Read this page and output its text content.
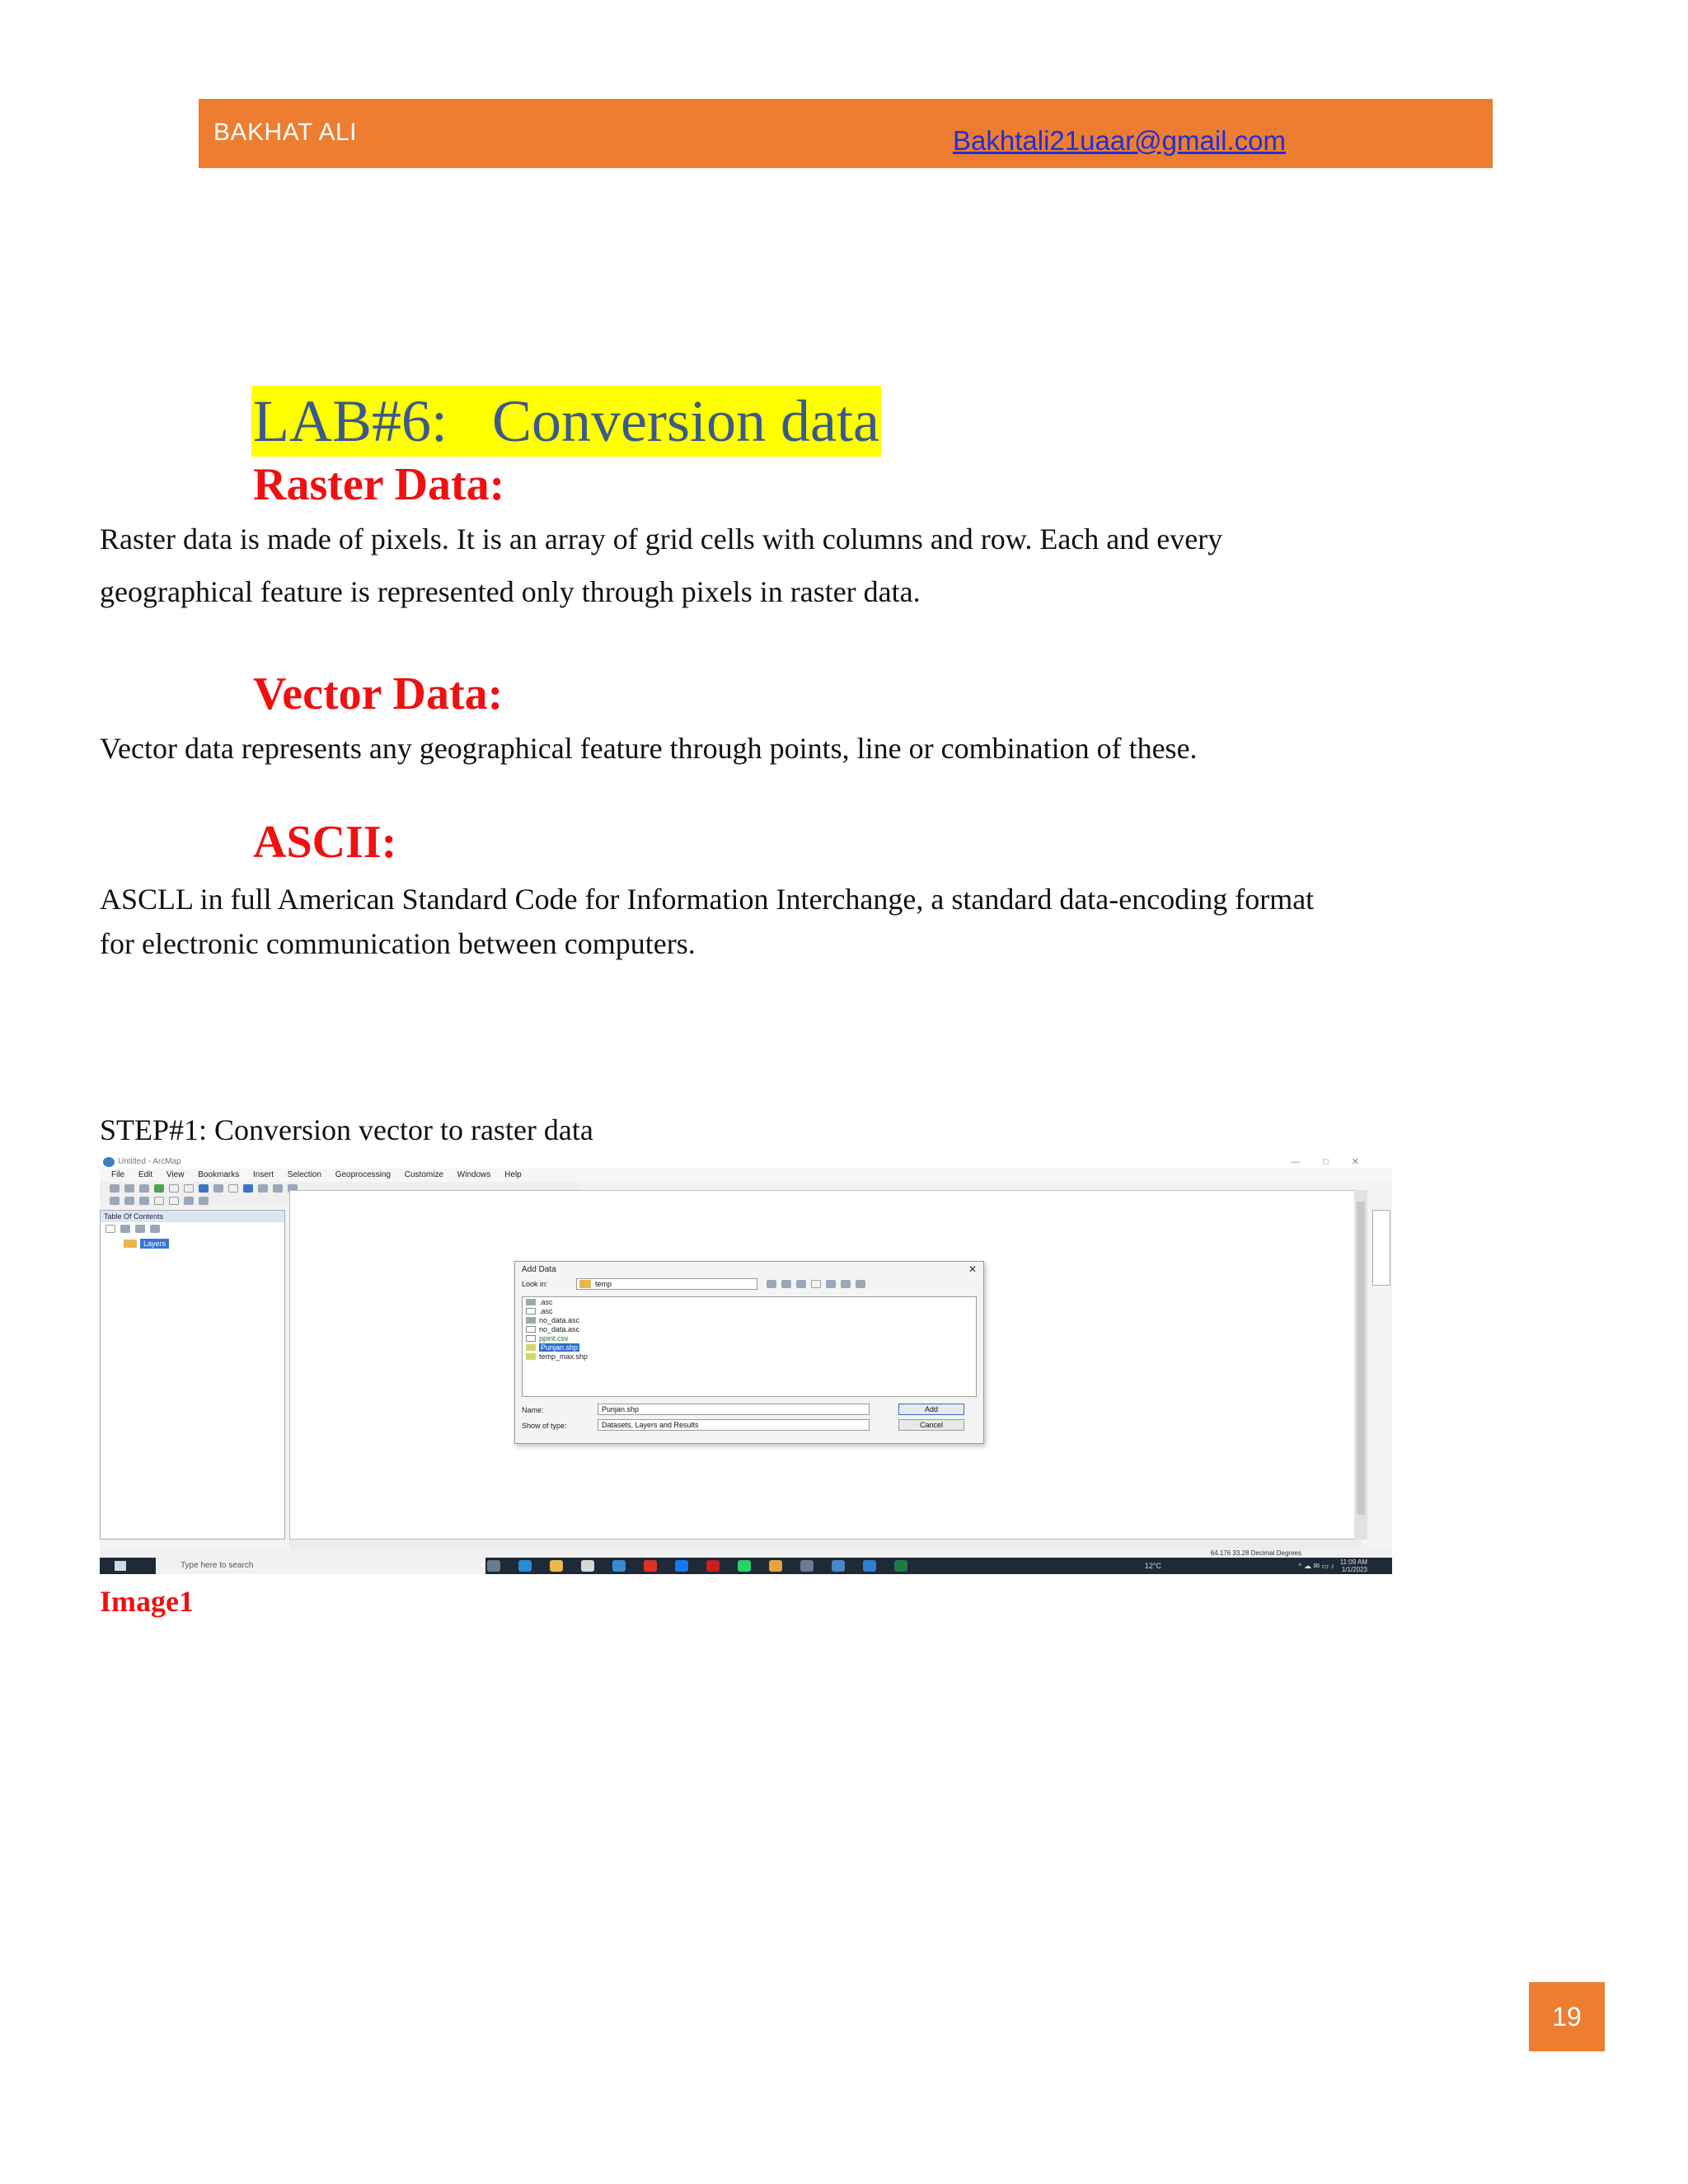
BAKHAT ALI	Bakhtali21uaar@gmail.com
LAB#6:   Conversion data
Raster Data:
Raster data is made of pixels. It is an array of grid cells with columns and row. Each and every
geographical feature is represented only through pixels in raster data.
Vector Data:
Vector data represents any geographical feature through points, line or combination of these.
ASCII:
ASCLL in full American Standard Code for Information Interchange, a standard data-encoding format
for electronic communication between computers.
STEP#1: Conversion vector to raster data
Untitled - ArcMap	—□✕
File Edit View Bookmarks Insert Selection Geoprocessing Customize Windows Help
Table Of Contents
Layers
Add Data	✕
Look in:	temp
.asc
.asc
no_data.asc
no_data.asc
ppint.csv
Punjan.shp
temp_max.shp
Name:	Punjan.shp
Show of type:	Datasets, Layers and Results
Add
Cancel
64.176 33.28 Decimal Degrees
Type here to search	12°C	^ ☁ ✉ ▭ ♪ 11:09 AM
1/1/2023
Image1
19
